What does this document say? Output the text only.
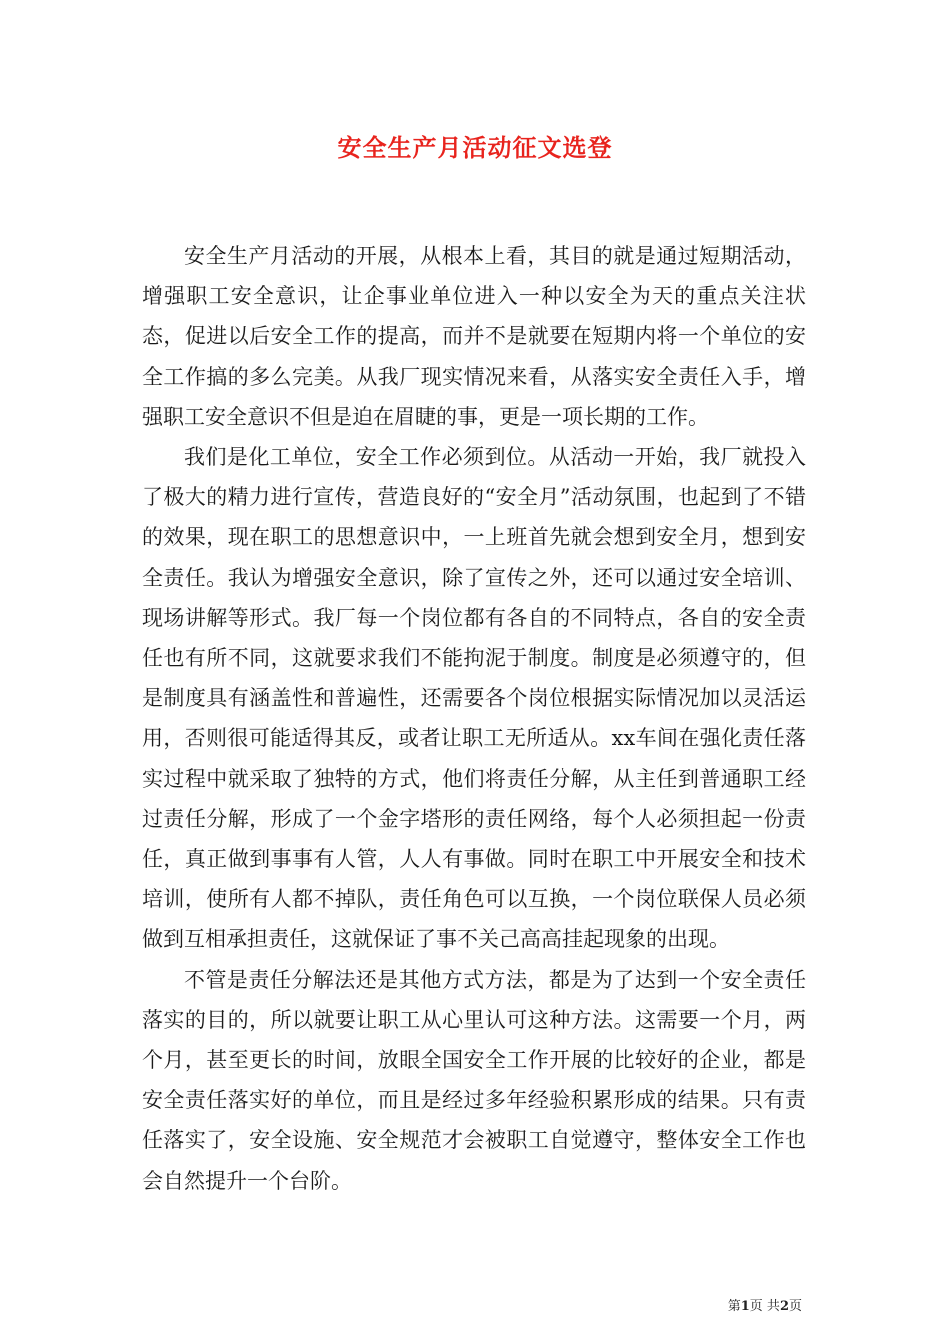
安全生产月活动征文选登

安全生产月活动的开展，从根本上看，其目的就是通过短期活动，增强职工安全意识，让企事业单位进入一种以安全为天的重点关注状态，促进以后安全工作的提高，而并不是就要在短期内将一个单位的安全工作搞的多么完美。从我厂现实情况来看，从落实安全责任入手，增强职工安全意识不但是迫在眉睫的事，更是一项长期的工作。

我们是化工单位，安全工作必须到位。从活动一开始，我厂就投入了极大的精力进行宣传，营造良好的“安全月”活动氛围，也起到了不错的效果，现在职工的思想意识中，一上班首先就会想到安全月，想到安全责任。我认为增强安全意识，除了宣传之外，还可以通过安全培训、现场讲解等形式。我厂每一个岗位都有各自的不同特点，各自的安全责任也有所不同，这就要求我们不能拘泥于制度。制度是必须遵守的，但是制度具有涵盖性和普遍性，还需要各个岗位根据实际情况加以灵活运用，否则很可能适得其反，或者让职工无所适从。xx车间在强化责任落实过程中就采取了独特的方式，他们将责任分解，从主任到普通职工经过责任分解，形成了一个金字塔形的责任网络，每个人必须担起一份责任，真正做到事事有人管，人人有事做。同时在职工中开展安全和技术培训，使所有人都不掉队，责任角色可以互换，一个岗位联保人员必须做到互相承担责任，这就保证了事不关己高高挂起现象的出现。

不管是责任分解法还是其他方式方法，都是为了达到一个安全责任落实的目的，所以就要让职工从心里认可这种方法。这需要一个月，两个月，甚至更长的时间，放眼全国安全工作开展的比较好的企业，都是安全责任落实好的单位，而且是经过多年经验积累形成的结果。只有责任落实了，安全设施、安全规范才会被职工自觉遵守，整体安全工作也会自然提升一个台阶。

第1页 共2页
